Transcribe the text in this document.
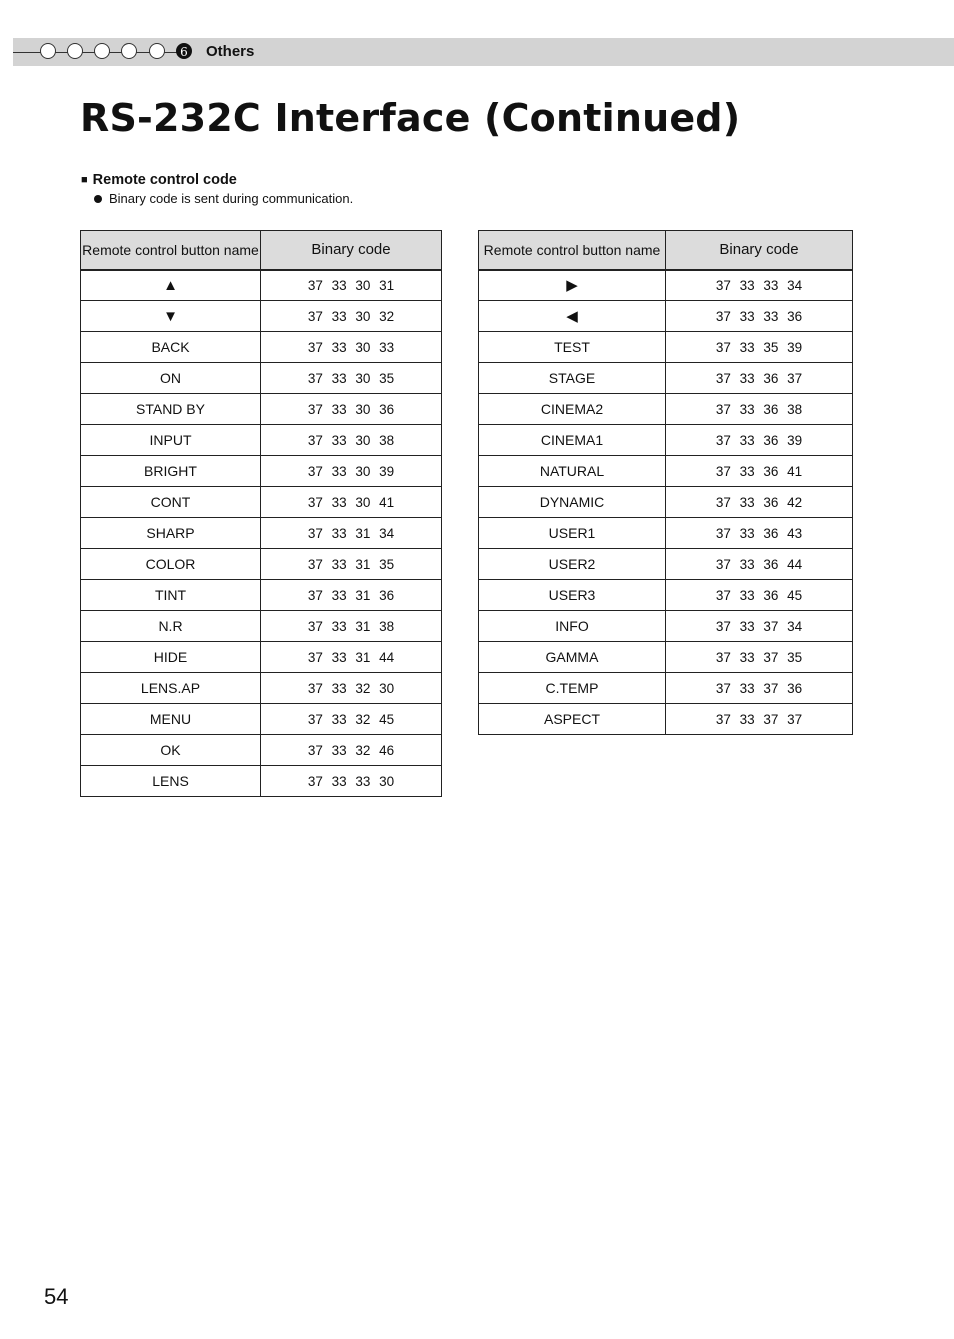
6 Others
RS-232C Interface (Continued)
■ Remote control code
Binary code is sent during communication.
Remote control button name	Binary code
▲	37 33 30 31
▼	37 33 30 32
BACK	37 33 30 33
ON	37 33 30 35
STAND BY	37 33 30 36
INPUT	37 33 30 38
BRIGHT	37 33 30 39
CONT	37 33 30 41
SHARP	37 33 31 34
COLOR	37 33 31 35
TINT	37 33 31 36
N.R	37 33 31 38
HIDE	37 33 31 44
LENS.AP	37 33 32 30
MENU	37 33 32 45
OK	37 33 32 46
LENS	37 33 33 30
Remote control button name	Binary code
▶	37 33 33 34
◀	37 33 33 36
TEST	37 33 35 39
STAGE	37 33 36 37
CINEMA2	37 33 36 38
CINEMA1	37 33 36 39
NATURAL	37 33 36 41
DYNAMIC	37 33 36 42
USER1	37 33 36 43
USER2	37 33 36 44
USER3	37 33 36 45
INFO	37 33 37 34
GAMMA	37 33 37 35
C.TEMP	37 33 37 36
ASPECT	37 33 37 37
54
